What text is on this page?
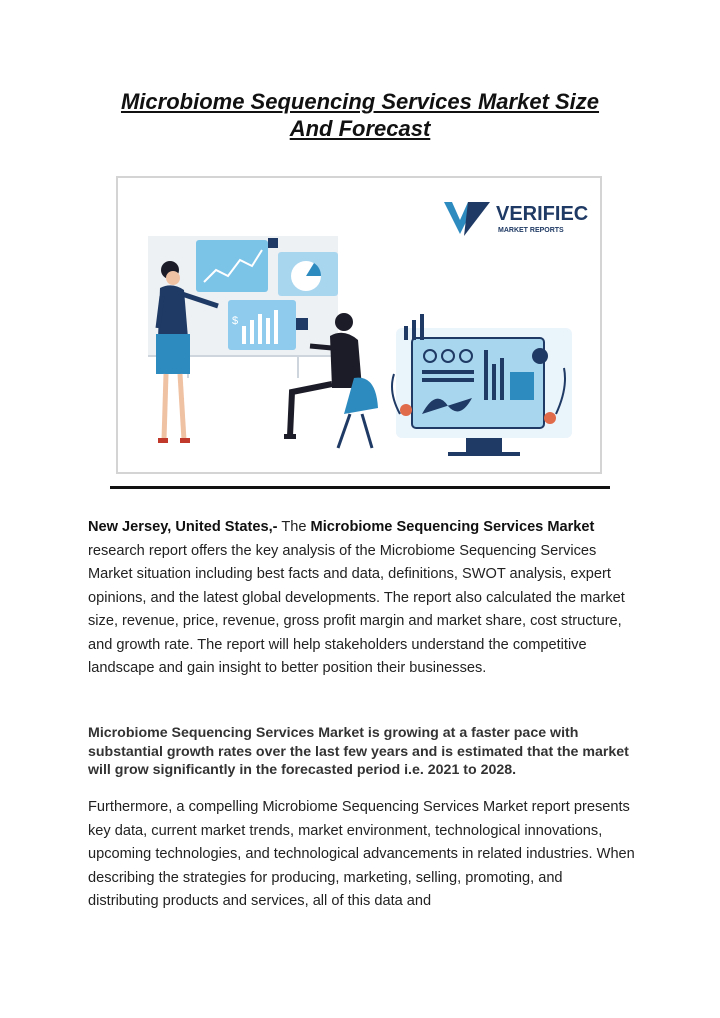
Microbiome Sequencing Services Market Size
And Forecast
$
VERIFIEC
MARKET REPORTS
New Jersey, United States,- The Microbiome Sequencing Services Market research report offers the key analysis of the Microbiome Sequencing Services Market situation including best facts and data, definitions, SWOT analysis, expert opinions, and the latest global developments. The report also calculated the market size, revenue, price, revenue, gross profit margin and market share, cost structure, and growth rate. The report will help stakeholders understand the competitive landscape and gain insight to better position their businesses.
Microbiome Sequencing Services Market is growing at a faster pace with substantial growth rates over the last few years and is estimated that the market will grow significantly in the forecasted period i.e. 2021 to 2028.
Furthermore, a compelling Microbiome Sequencing Services Market report presents key data, current market trends, market environment, technological innovations, upcoming technologies, and technological advancements in related industries. When describing the strategies for producing, marketing, selling, promoting, and distributing products and services, all of this data and
